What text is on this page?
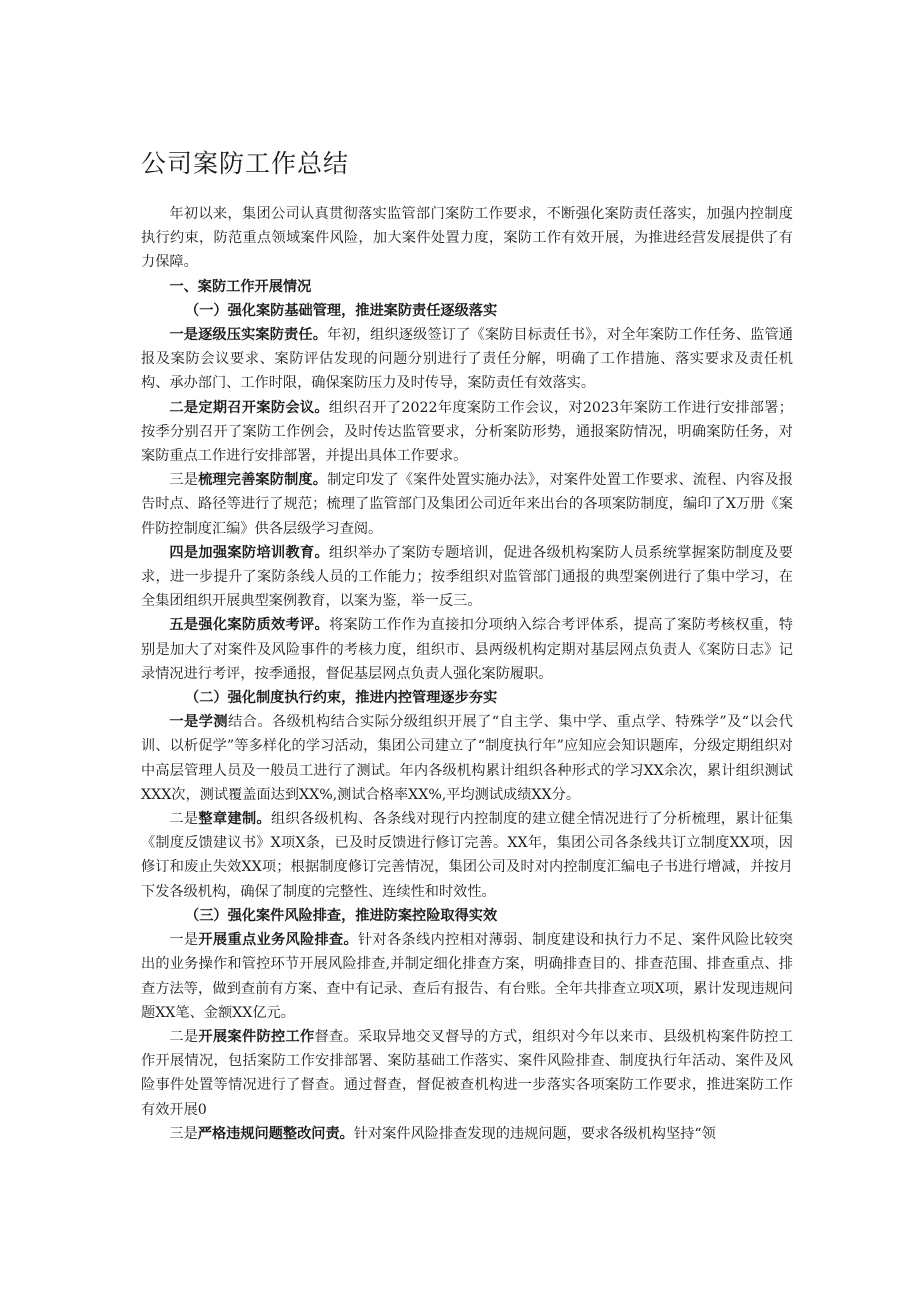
公司案防工作总结

年初以来，集团公司认真贯彻落实监管部门案防工作要求，不断强化案防责任落实，加强内控制度执行约束，防范重点领域案件风险，加大案件处置力度，案防工作有效开展，为推进经营发展提供了有力保障。

一、案防工作开展情况
（一）强化案防基础管理，推进案防责任逐级落实

一是逐级压实案防责任。年初，组织逐级签订了《案防目标责任书》，对全年案防工作任务、监管通报及案防会议要求、案防评估发现的问题分别进行了责任分解，明确了工作措施、落实要求及责任机构、承办部门、工作时限，确保案防压力及时传导，案防责任有效落实。

二是定期召开案防会议。组织召开了2022年度案防工作会议，对2023年案防工作进行安排部署；按季分别召开了案防工作例会，及时传达监管要求，分析案防形势，通报案防情况，明确案防任务，对案防重点工作进行安排部署，并提出具体工作要求。

三是梳理完善案防制度。制定印发了《案件处置实施办法》，对案件处置工作要求、流程、内容及报告时点、路径等进行了规范；梳理了监管部门及集团公司近年来出台的各项案防制度，编印了X万册《案件防控制度汇编》供各层级学习查阅。

四是加强案防培训教育。组织举办了案防专题培训，促进各级机构案防人员系统掌握案防制度及要求，进一步提升了案防条线人员的工作能力；按季组织对监管部门通报的典型案例进行了集中学习，在全集团组织开展典型案例教育，以案为鉴，举一反三。

五是强化案防质效考评。将案防工作作为直接扣分项纳入综合考评体系，提高了案防考核权重，特别是加大了对案件及风险事件的考核力度，组织市、县两级机构定期对基层网点负责人《案防日志》记录情况进行考评，按季通报，督促基层网点负责人强化案防履职。

（二）强化制度执行约束，推进内控管理逐步夯实

一是学测结合。各级机构结合实际分级组织开展了“自主学、集中学、重点学、特殊学”及“以会代训、以析促学”等多样化的学习活动，集团公司建立了“制度执行年”应知应会知识题库，分级定期组织对中高层管理人员及一般员工进行了测试。年内各级机构累计组织各种形式的学习XX余次，累计组织测试XXX次，测试覆盖面达到XX%,测试合格率XX%,平均测试成绩XX分。

二是整章建制。组织各级机构、各条线对现行内控制度的建立健全情况进行了分析梳理，累计征集《制度反馈建议书》X项X条，已及时反馈进行修订完善。XX年，集团公司各条线共订立制度XX项，因修订和废止失效XX项；根据制度修订完善情况，集团公司及时对内控制度汇编电子书进行增减，并按月下发各级机构，确保了制度的完整性、连续性和时效性。

（三）强化案件风险排查，推进防案控险取得实效

一是开展重点业务风险排查。针对各条线内控相对薄弱、制度建设和执行力不足、案件风险比较突出的业务操作和管控环节开展风险排查,并制定细化排查方案，明确排查目的、排查范围、排查重点、排查方法等，做到查前有方案、查中有记录、查后有报告、有台账。全年共排查立项X项，累计发现违规问题XX笔、金额XX亿元。

二是开展案件防控工作督查。采取异地交叉督导的方式，组织对今年以来市、县级机构案件防控工作开展情况，包括案防工作安排部署、案防基础工作落实、案件风险排查、制度执行年活动、案件及风险事件处置等情况进行了督查。通过督查，督促被查机构进一步落实各项案防工作要求，推进案防工作有效开展0

三是严格违规问题整改问责。针对案件风险排查发现的违规问题，要求各级机构坚持“领
